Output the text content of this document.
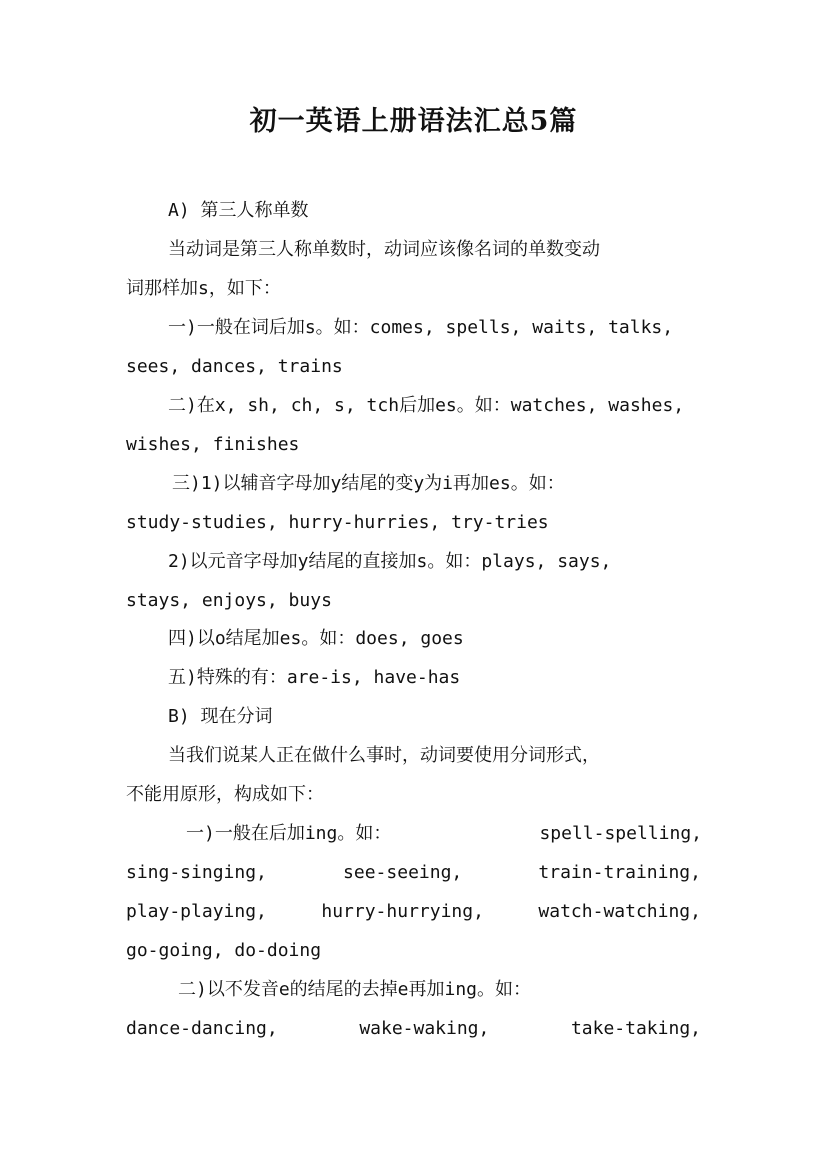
初一英语上册语法汇总5篇
A) 第三人称单数
当动词是第三人称单数时，动词应该像名词的单数变动
词那样加s，如下：
一)一般在词后加s。如：comes, spells, waits, talks,
sees, dances, trains
二)在x, sh, ch, s, tch后加es。如：watches, washes,
wishes, finishes
三)1)以辅音字母加y结尾的变y为i再加es。如：
study-studies, hurry-hurries, try-tries
2)以元音字母加y结尾的直接加s。如：plays, says,
stays, enjoys, buys
四)以o结尾加es。如：does, goes
五)特殊的有：are-is, have-has
B) 现在分词
当我们说某人正在做什么事时，动词要使用分词形式，
不能用原形，构成如下：
一)一般在后加ing。如：	spell-spelling,
sing-singing,	see-seeing,	train-training,
play-playing,	hurry-hurrying,	watch-watching,
go-going, do-doing
二)以不发音e的结尾的去掉e再加ing。如：
dance-dancing,	wake-waking,	take-taking,
